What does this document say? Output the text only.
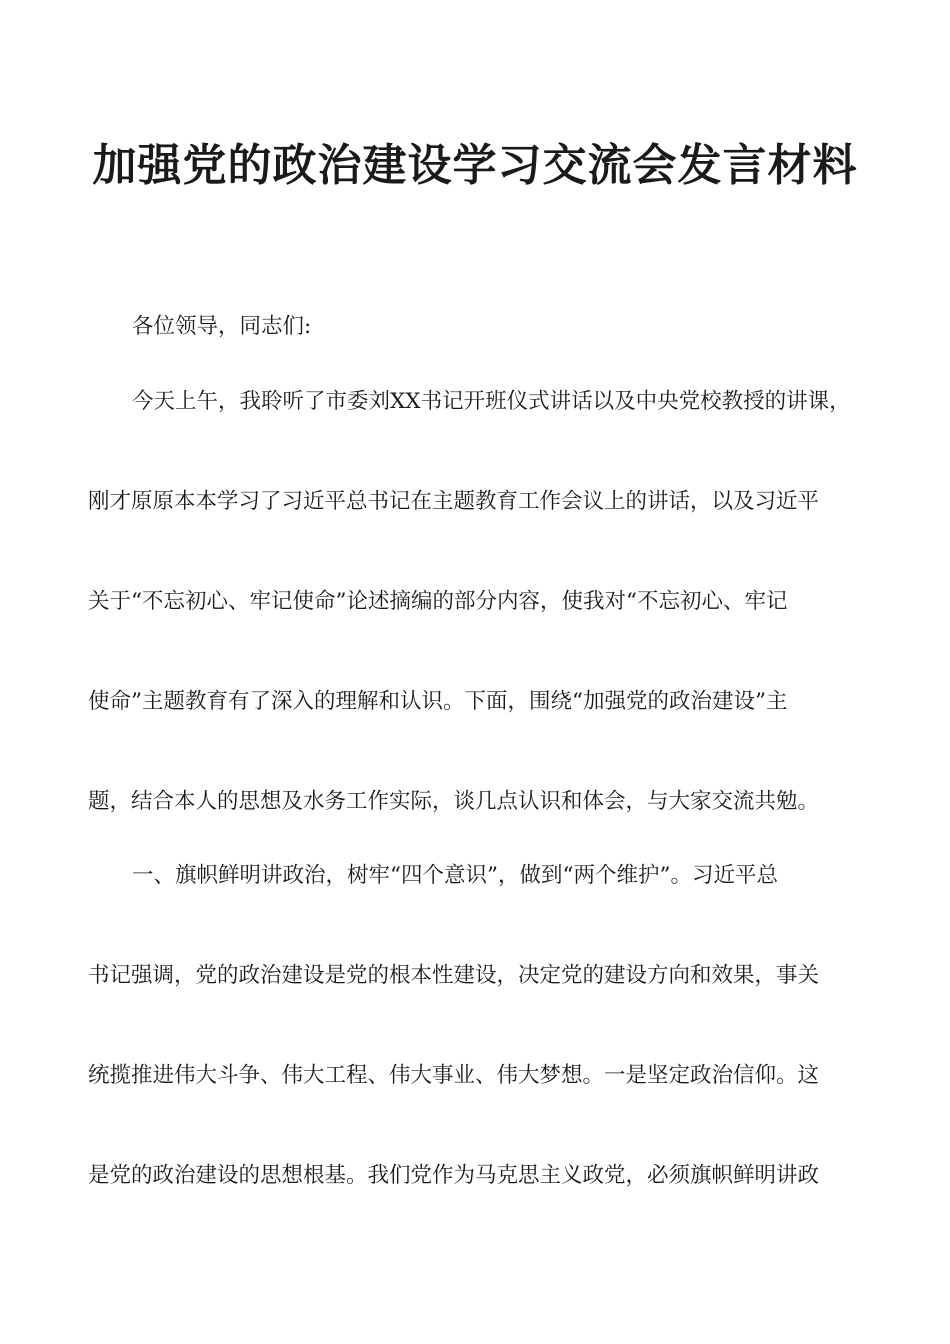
加强党的政治建设学习交流会发言材料
各位领导，同志们:
今天上午，我聆听了市委刘XX书记开班仪式讲话以及中央党校教授的讲课，
刚才原原本本学习了习近平总书记在主题教育工作会议上的讲话，以及习近平
关于“不忘初心、牢记使命”论述摘编的部分内容，使我对“不忘初心、牢记
使命”主题教育有了深入的理解和认识。下面，围绕“加强党的政治建设”主
题，结合本人的思想及水务工作实际，谈几点认识和体会，与大家交流共勉。
一、旗帜鲜明讲政治，树牢“四个意识”，做到“两个维护”。习近平总
书记强调，党的政治建设是党的根本性建设，决定党的建设方向和效果，事关
统揽推进伟大斗争、伟大工程、伟大事业、伟大梦想。一是坚定政治信仰。这
是党的政治建设的思想根基。我们党作为马克思主义政党，必须旗帜鲜明讲政
